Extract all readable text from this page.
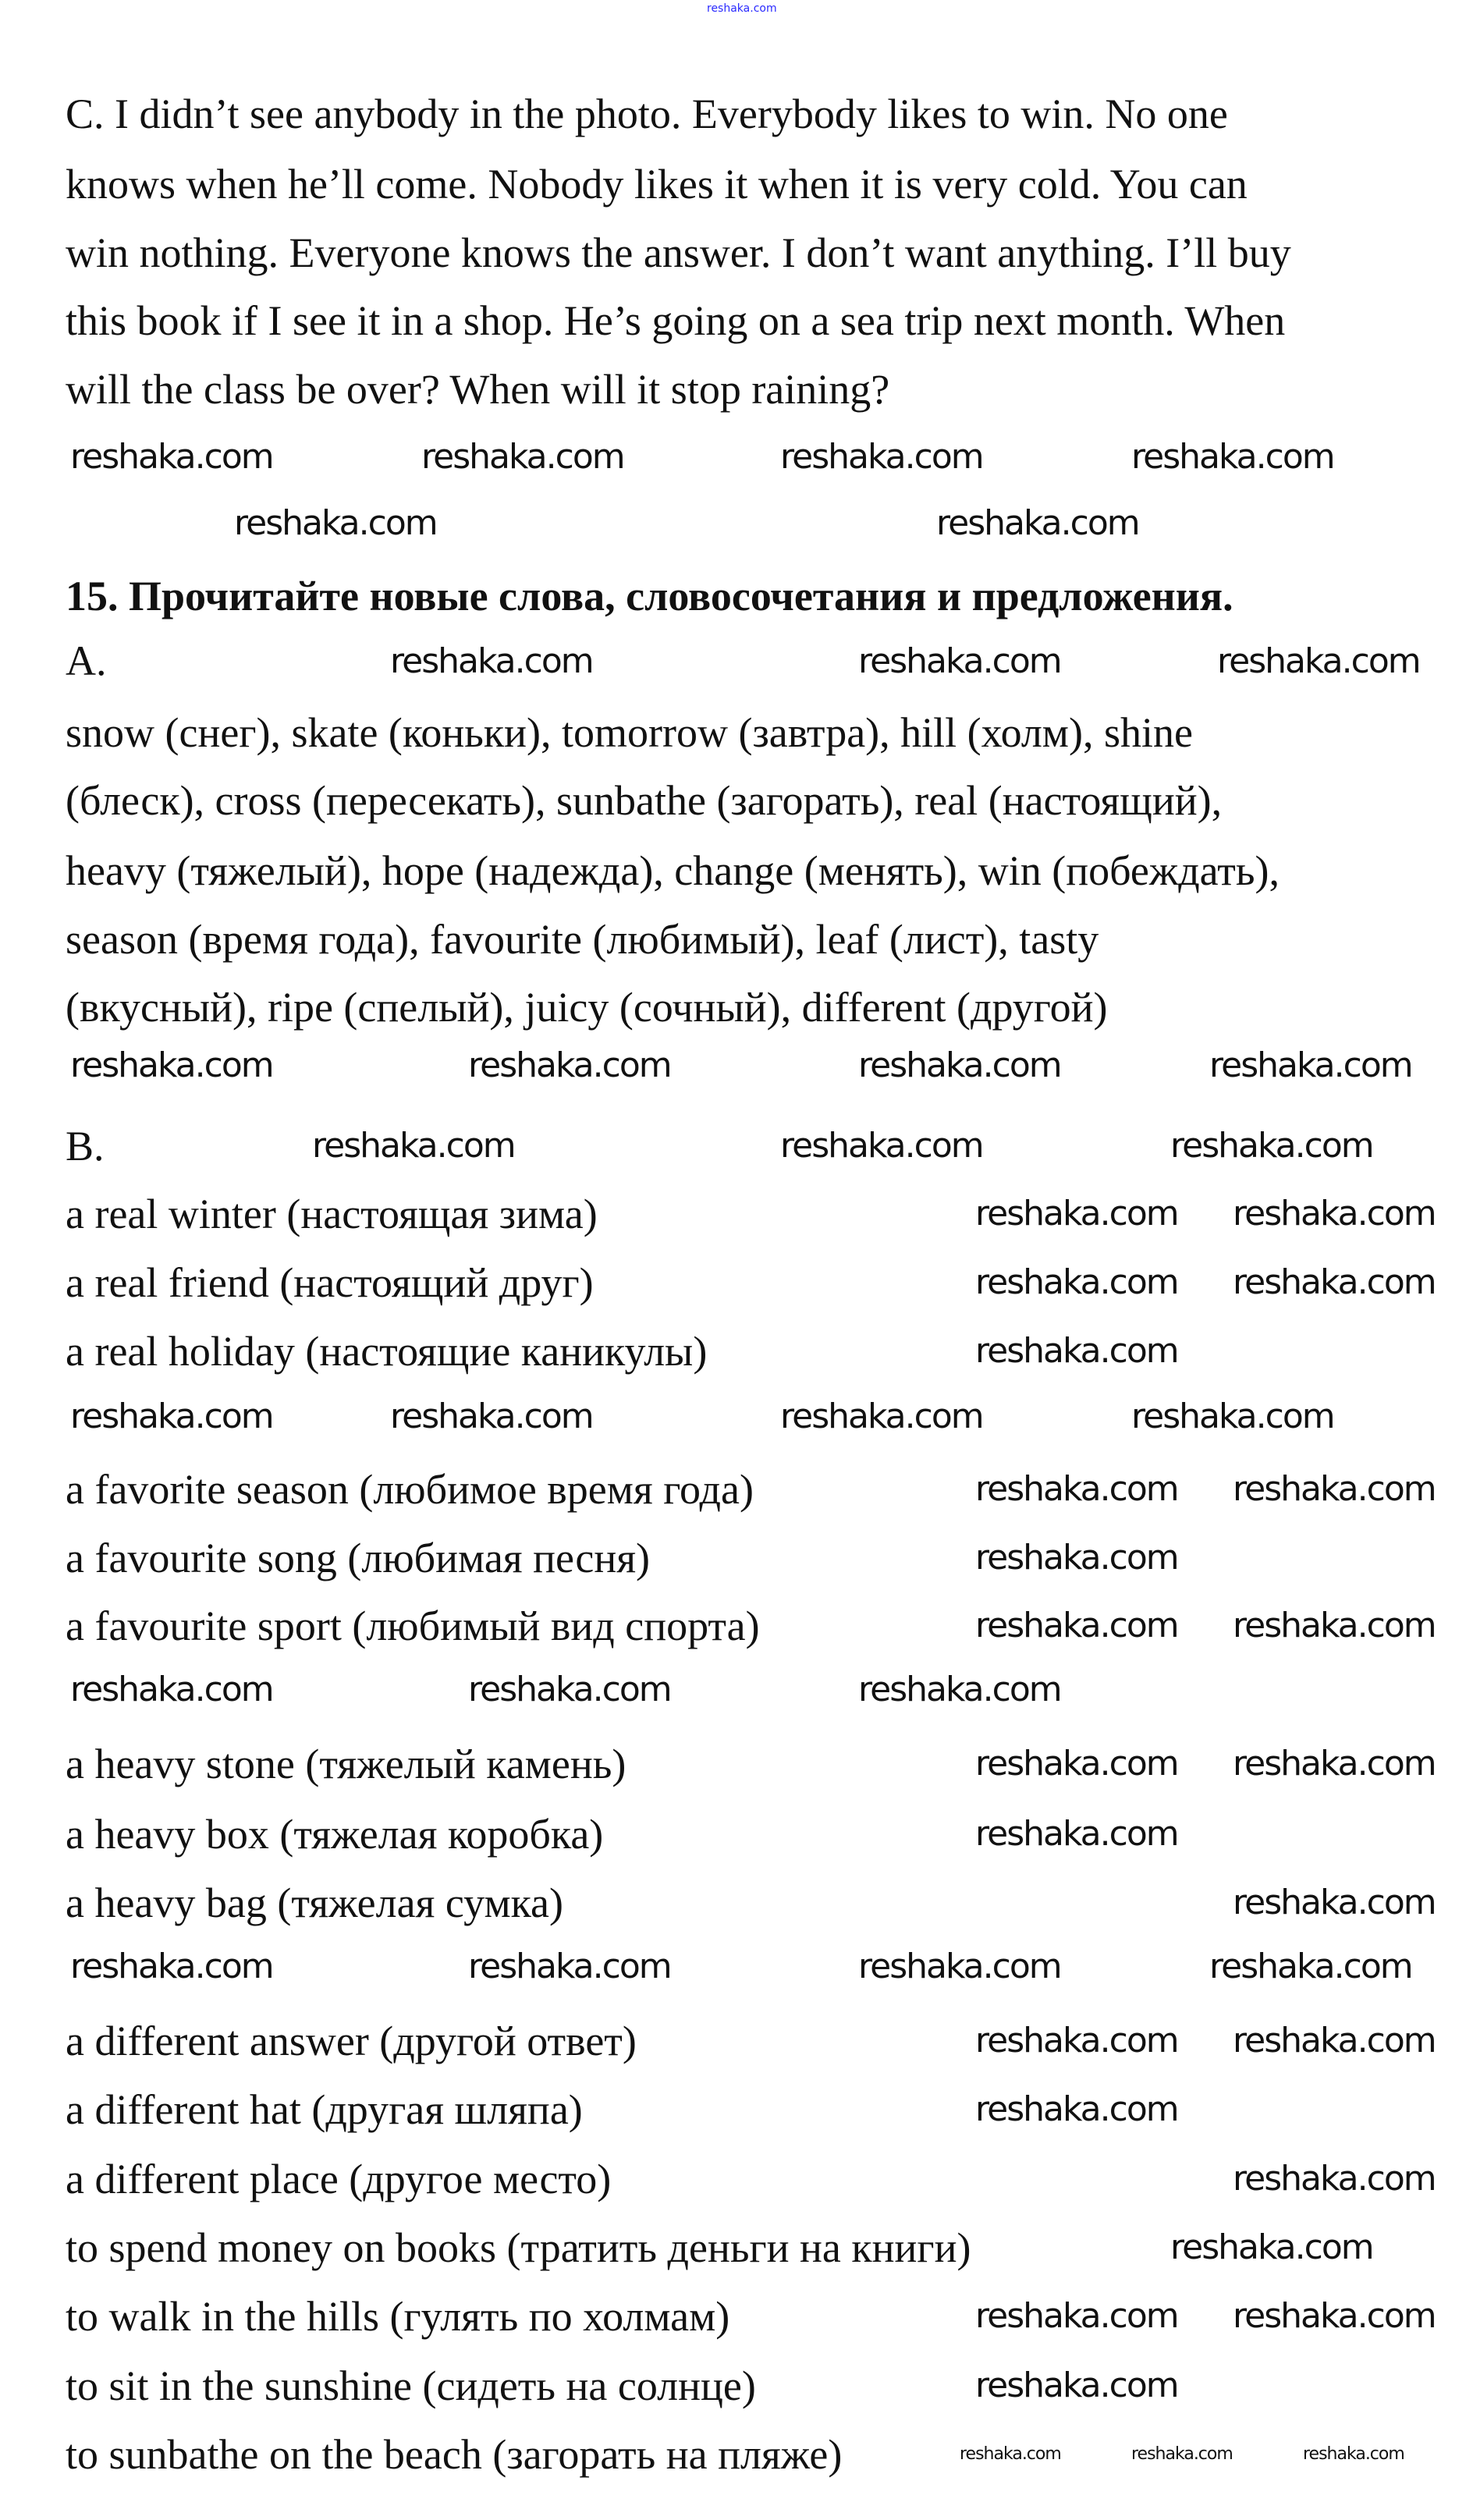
reshaka.com
C. I didn’t see anybody in the photo. Everybody likes to win. No one
knows when he’ll come. Nobody likes it when it is very cold. You can
win nothing. Everyone knows the answer. I don’t want anything. I’ll buy
this book if I see it in a shop. He’s going on a sea trip next month. When
will the class be over? When will it stop raining?
15. Прочитайте новые слова, словосочетания и предложения.
A.
snow (снег), skate (коньки), tomorrow (завтра), hill (холм), shine
(блеск), cross (пересекать), sunbathe (загорать), real (настоящий),
heavy (тяжелый), hope (надежда), change (менять), win (побеждать),
season (время года), favourite (любимый), leaf (лист), tasty
(вкусный), ripe (спелый), juicy (сочный), different (другой)
B.
a real winter (настоящая зима)
a real friend (настоящий друг)
a real holiday (настоящие каникулы)
a favorite season (любимое время года)
a favourite song (любимая песня)
a favourite sport (любимый вид спорта)
a heavy stone (тяжелый камень)
a heavy box (тяжелая коробка)
a heavy bag (тяжелая сумка)
a different answer (другой ответ)
a different hat (другая шляпа)
a different place (другое место)
to spend money on books (тратить деньги на книги)
to walk in the hills (гулять по холмам)
to sit in the sunshine (сидеть на солнце)
to sunbathe on the beach (загорать на пляже)
reshaka.com	reshaka.com	reshaka.com	reshaka.com
reshaka.com	reshaka.com
reshaka.com	reshaka.com	reshaka.com
reshaka.com	reshaka.com	reshaka.com	reshaka.com
reshaka.com	reshaka.com	reshaka.com
reshaka.com reshaka.com
reshaka.com reshaka.com
reshaka.com
reshaka.com	reshaka.com	reshaka.com	reshaka.com
reshaka.com reshaka.com
reshaka.com
reshaka.com reshaka.com
reshaka.com	reshaka.com	reshaka.com
reshaka.com reshaka.com
reshaka.com
reshaka.com
reshaka.com	reshaka.com	reshaka.com	reshaka.com
reshaka.com reshaka.com
reshaka.com
reshaka.com
reshaka.com
reshaka.com reshaka.com
reshaka.com
reshaka.com	reshaka.com	reshaka.com
